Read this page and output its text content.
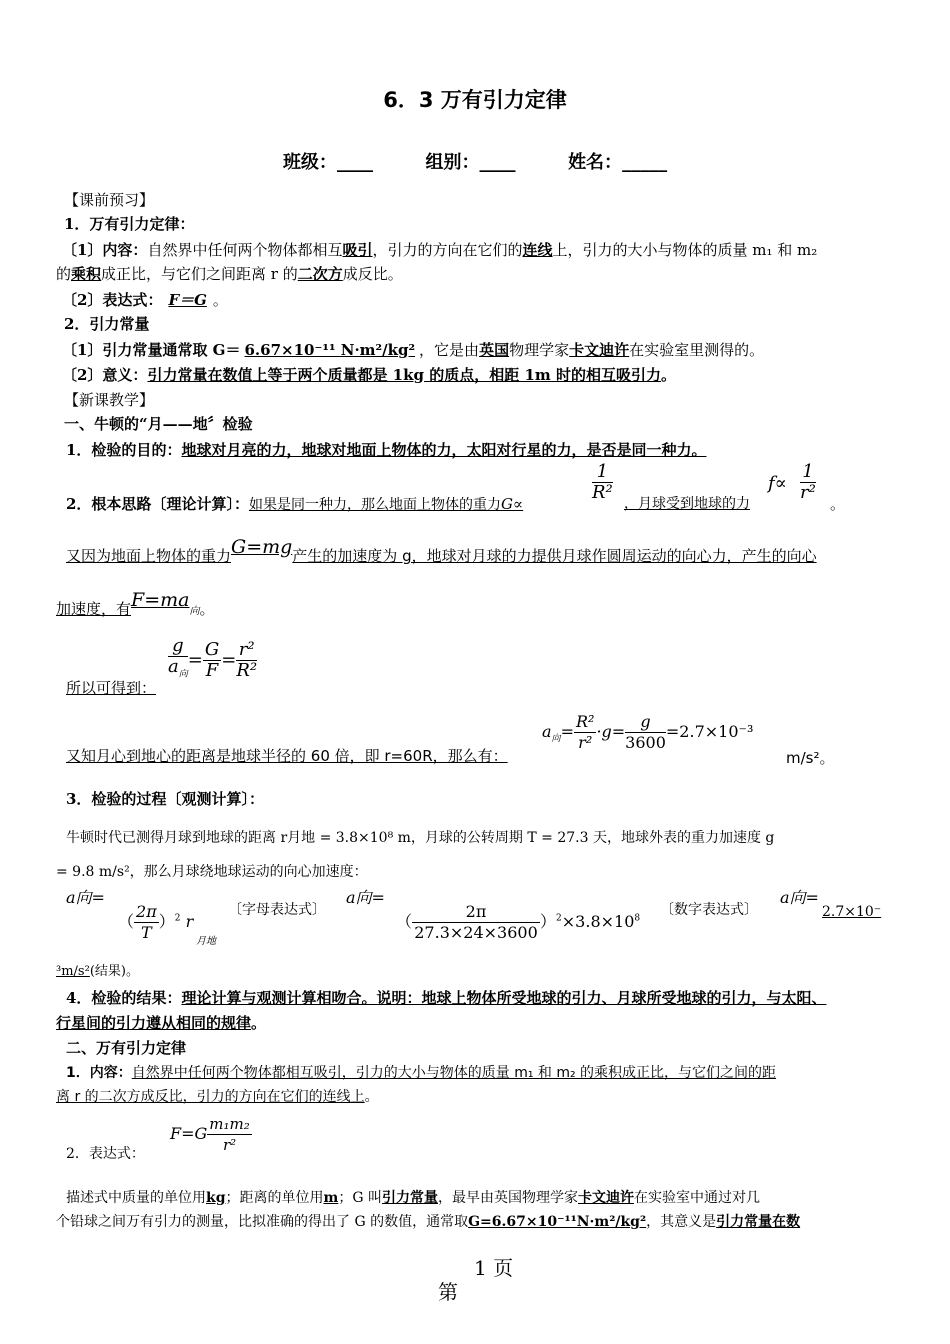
6．3 万有引力定律
班级：____	组别：____	姓名：_____
【课前预习】
1．万有引力定律：
〔1〕内容：自然界中任何两个物体都相互吸引，引力的方向在它们的连线上，引力的大小与物体的质量 m₁ 和 m₂
的乘积成正比，与它们之间距离 r 的二次方成反比。
〔2〕表达式： F＝G 。
2．引力常量
〔1〕引力常量通常取 G＝ 6.67×10⁻¹¹ N·m²/kg² ，它是由英国物理学家卡文迪许在实验室里测得的。
〔2〕意义：引力常量在数值上等于两个质量都是 1kg 的质点，相距 1m 时的相互吸引力。
【新课教学】
一、牛顿的“月——地〞检验
1．检验的目的：地球对月亮的力，地球对地面上物体的力，太阳对行星的力，是否是同一种力。
2．根本思路〔理论计算〕：如果是同一种力，那么地面上物体的重力G∝
$\frac{1}{\text{R²}}$
，月球受到地球的力
$f\propto \frac{1}{\text{r²}}$
。
又因为地面上物体的重力G=mg产生的加速度为 g，地球对月球的力提供月球作圆周运动的向心力，产生的向心
加速度，有F=ma向。
所以可得到：
$\frac{g}{a_向} = \frac{G}{F} = \frac{\text{r²}}{\text{R²}}$
又知月心到地心的距离是地球半径的 60 倍，即 r=60R，那么有：
$a_向= \frac{\text{R²}}{\text{r²}} \cdot g= \frac{g}{3600} =2.7\times 10^{-3}$
m/s²。
3．检验的过程〔观测计算〕：
牛顿时代已测得月球到地球的距离 r月地 = 3.8×10⁸ m，月球的公转周期 T = 27.3 天，地球外表的重力加速度 g
= 9.8 m/s²，那么月球绕地球运动的向心加速度：
a向=
（ $\frac{2\pi}{T} )^2$ r
月地
〔字母表达式〕
a向=
（ $\frac{2\pi}{27.3\times 24\times 3600} )^2\times 3.8\times 10^8$
〔数字表达式〕
a向=
2.7×10⁻
³m/s²(结果)。
4．检验的结果：理论计算与观测计算相吻合。说明：地球上物体所受地球的引力、月球所受地球的引力，与太阳、
行星间的引力遵从相同的规律。
二、万有引力定律
1．内容：自然界中任何两个物体都相互吸引，引力的大小与物体的质量 m₁ 和 m₂ 的乘积成正比，与它们之间的距
离 r 的二次方成反比，引力的方向在它们的连线上。
2．表达式：
$F=G \frac{\text{m₁m₂}}{\text{r²}}$
描述式中质量的单位用kg；距离的单位用m；G 叫引力常量，最早由英国物理学家卡文迪许在实验室中通过对几
个铅球之间万有引力的测量，比拟准确的得出了 G 的数值，通常取G=6.67×10⁻¹¹N·m²/kg²，其意义是引力常量在数
1 页
第
